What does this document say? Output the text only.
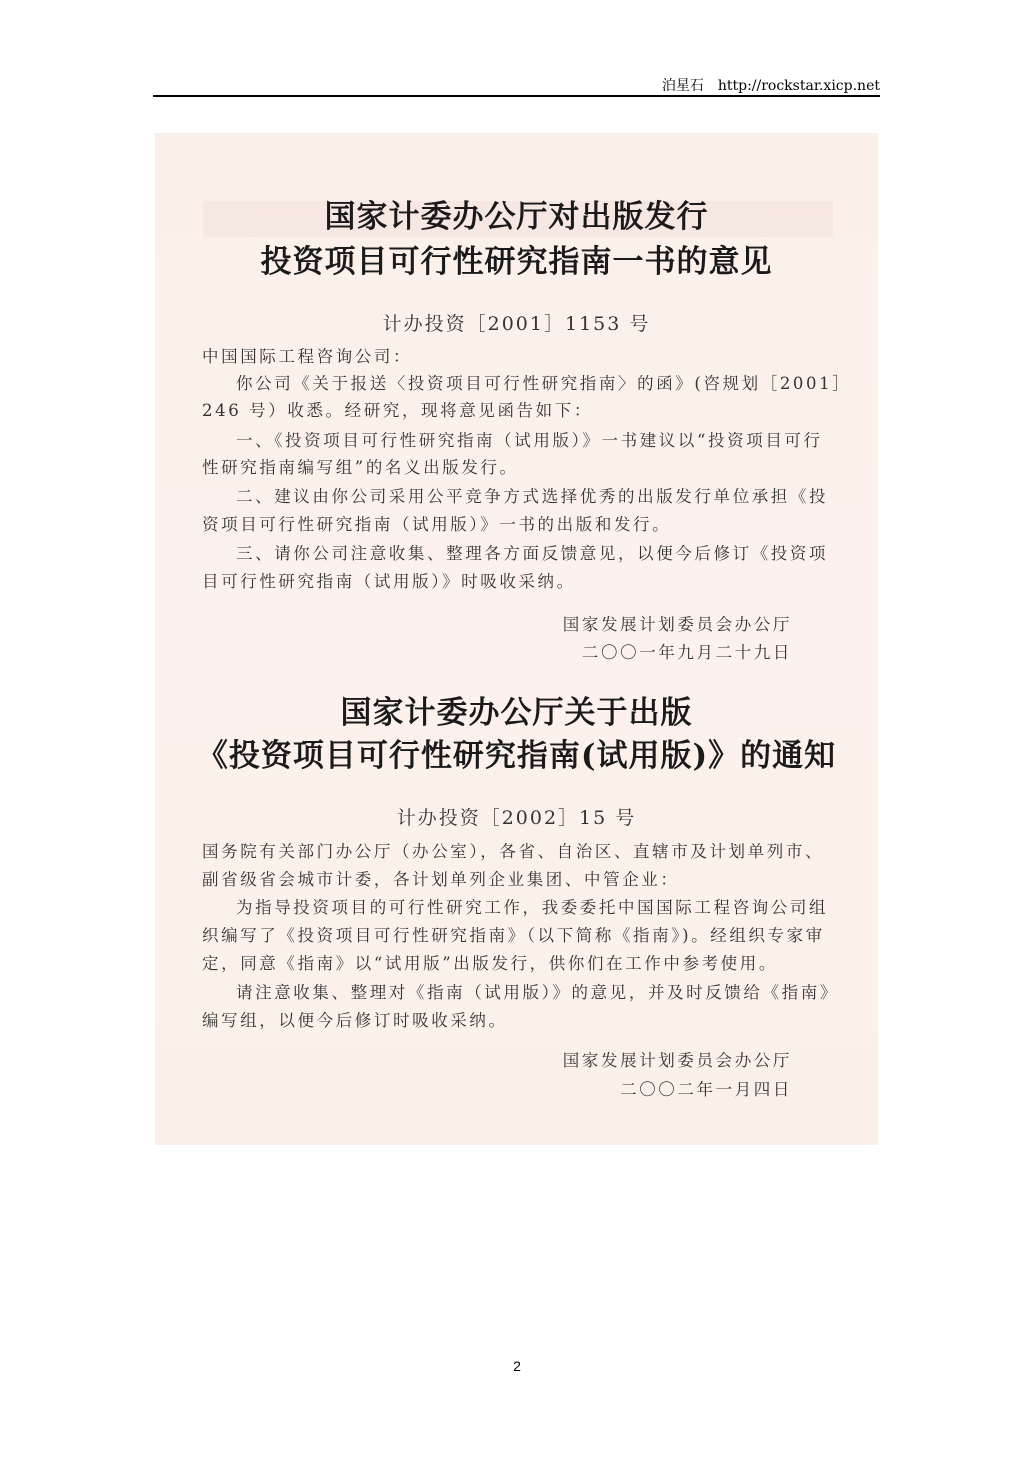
泊星石　http://rockstar.xicp.net
国家计委办公厅对出版发行
投资项目可行性研究指南一书的意见
计办投资［2001］1153 号
中国国际工程咨询公司：
你公司《关于报送〈投资项目可行性研究指南〉的函》(咨规划［2001］
246 号）收悉。经研究，现将意见函告如下：
一、《投资项目可行性研究指南（试用版）》一书建议以“投资项目可行
性研究指南编写组”的名义出版发行。
二、建议由你公司采用公平竞争方式选择优秀的出版发行单位承担《投
资项目可行性研究指南（试用版）》一书的出版和发行。
三、请你公司注意收集、整理各方面反馈意见，以便今后修订《投资项
目可行性研究指南（试用版）》时吸收采纳。
国家发展计划委员会办公厅
二〇〇一年九月二十九日
国家计委办公厅关于出版
《投资项目可行性研究指南(试用版)》的通知
计办投资［2002］15 号
国务院有关部门办公厅（办公室），各省、自治区、直辖市及计划单列市、
副省级省会城市计委，各计划单列企业集团、中管企业：
为指导投资项目的可行性研究工作，我委委托中国国际工程咨询公司组
织编写了《投资项目可行性研究指南》（以下简称《指南》)。经组织专家审
定，同意《指南》以“试用版”出版发行，供你们在工作中参考使用。
请注意收集、整理对《指南（试用版）》的意见，并及时反馈给《指南》
编写组，以便今后修订时吸收采纳。
国家发展计划委员会办公厅
二〇〇二年一月四日
2
